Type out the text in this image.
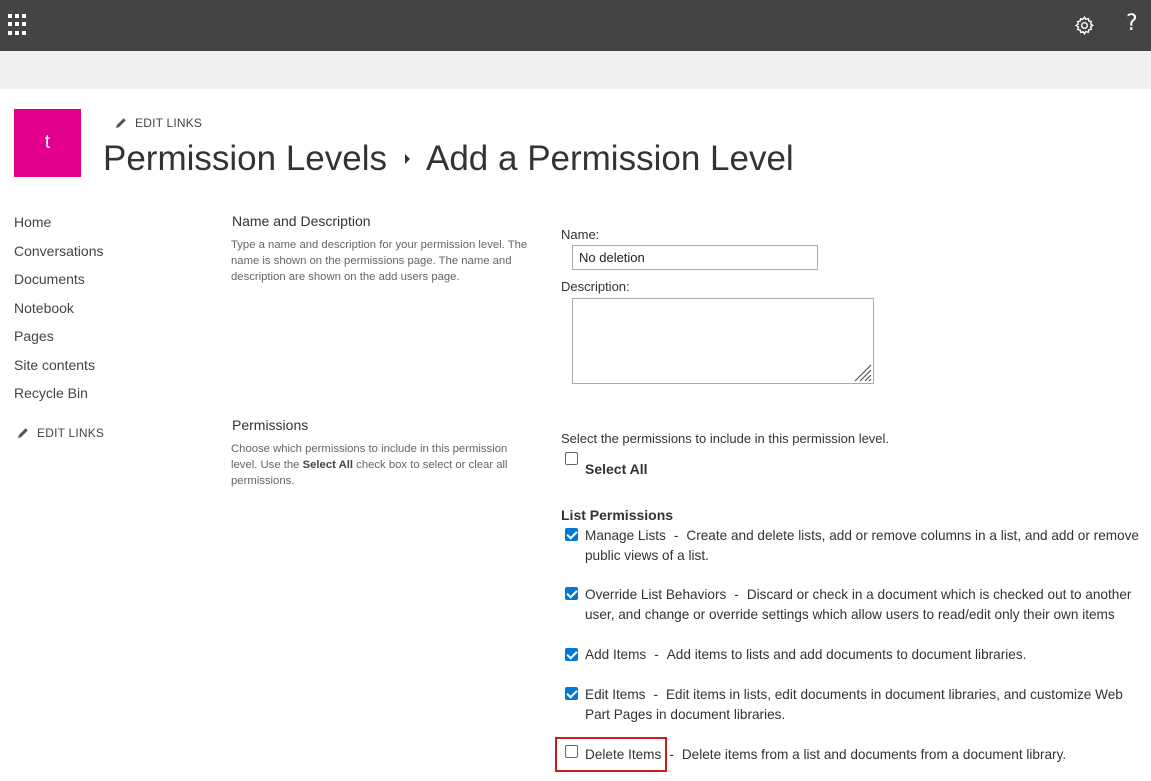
?
t
EDIT LINKS
Permission Levels Add a Permission Level
Home
Conversations
Documents
Notebook
Pages
Site contents
Recycle Bin
EDIT LINKS
Name and Description
Type a name and description for your permission level. The name is shown on the permissions page. The name and description are shown on the add users page.
Name:
No deletion
Description:
Permissions
Choose which permissions to include in this permission level. Use the Select All check box to select or clear all permissions.
Select the permissions to include in this permission level.
Select All
List Permissions
Manage Lists - Create and delete lists, add or remove columns in a list, and add or remove public views of a list.
Override List Behaviors - Discard or check in a document which is checked out to another user, and change or override settings which allow users to read/edit only their own items
Add Items - Add items to lists and add documents to document libraries.
Edit Items - Edit items in lists, edit documents in document libraries, and customize Web Part Pages in document libraries.
Delete Items - Delete items from a list and documents from a document library.
